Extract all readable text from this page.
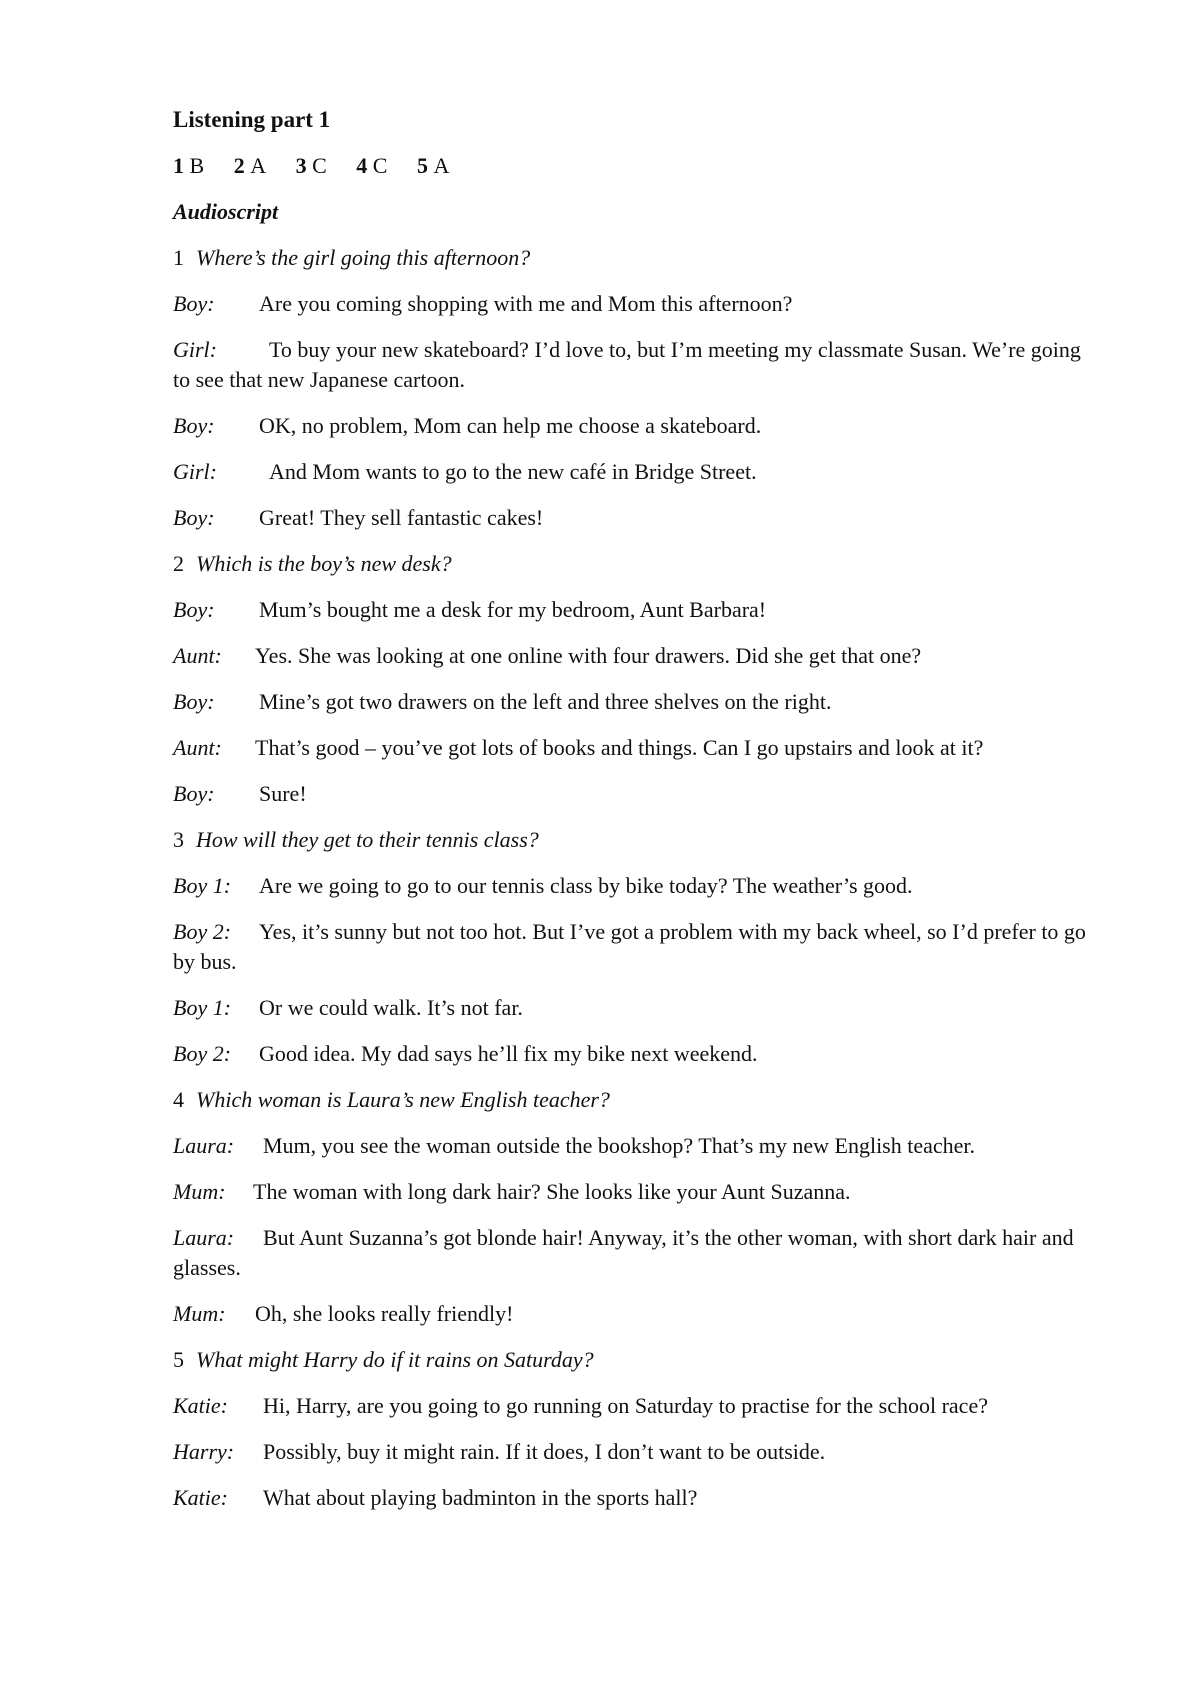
Listening part 1

1 B 2 A 3 C 4 C 5 A

Audioscript

1 Where’s the girl going this afternoon?

Boy: Are you coming shopping with me and Mom this afternoon?

Girl: To buy your new skateboard? I’d love to, but I’m meeting my classmate Susan. We’re going to see that new Japanese cartoon.

Boy: OK, no problem, Mom can help me choose a skateboard.

Girl: And Mom wants to go to the new café in Bridge Street.

Boy: Great! They sell fantastic cakes!

2 Which is the boy’s new desk?

Boy: Mum’s bought me a desk for my bedroom, Aunt Barbara!

Aunt: Yes. She was looking at one online with four drawers. Did she get that one?

Boy: Mine’s got two drawers on the left and three shelves on the right.

Aunt: That’s good – you’ve got lots of books and things. Can I go upstairs and look at it?

Boy: Sure!

3 How will they get to their tennis class?

Boy 1: Are we going to go to our tennis class by bike today? The weather’s good.

Boy 2: Yes, it’s sunny but not too hot. But I’ve got a problem with my back wheel, so I’d prefer to go by bus.

Boy 1: Or we could walk. It’s not far.

Boy 2: Good idea. My dad says he’ll fix my bike next weekend.

4 Which woman is Laura’s new English teacher?

Laura: Mum, you see the woman outside the bookshop? That’s my new English teacher.

Mum: The woman with long dark hair? She looks like your Aunt Suzanna.

Laura: But Aunt Suzanna’s got blonde hair! Anyway, it’s the other woman, with short dark hair and glasses.

Mum: Oh, she looks really friendly!

5 What might Harry do if it rains on Saturday?

Katie: Hi, Harry, are you going to go running on Saturday to practise for the school race?

Harry: Possibly, buy it might rain. If it does, I don’t want to be outside.

Katie: What about playing badminton in the sports hall?
